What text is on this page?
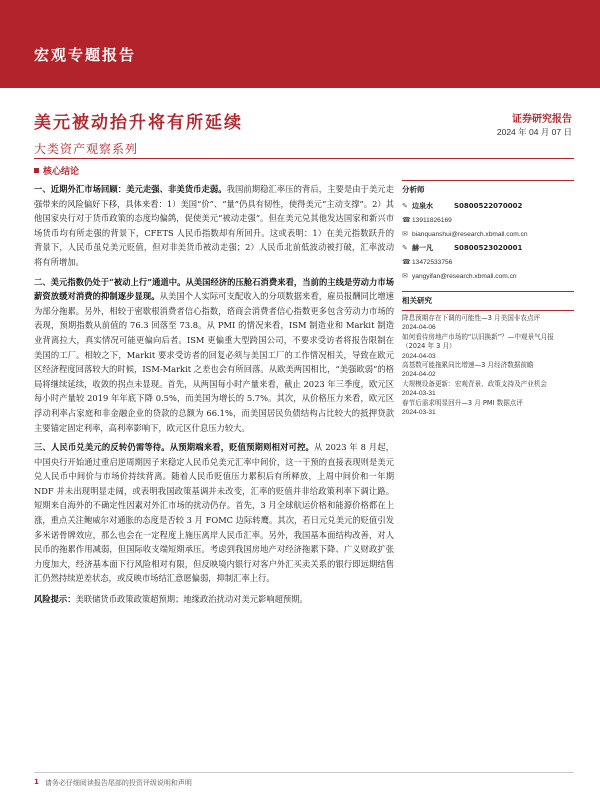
宏观专题报告
美元被动抬升将有所延续
大类资产观察系列
证券研究报告
2024 年 04 月 07 日
核心结论

一、近期外汇市场回顾：美元走强、非美货币走弱。我国前期稳汇率压的背后，主要是由于美元走强带来的风险偏好下移，具体来看：1）美国“价”、“量”仍具有韧性，使得美元“主动支撑”。2）其他国家央行对于货币政策的态度均偏鸽，促使美元“被动走强”。但在美元兑其他发达国家和新兴市场货币均有所走强的背景下，CFETS 人民币指数却有所回升。这或表明：1）在美元指数跃升的背景下，人民币虽兑美元贬值，但对非美货币被动走强；2）人民币北前低波动被打破，汇率波动将有所增加。

二、美元指数仍处于“被动上行”通道中。从美国经济的压舱石消费来看，当前的主线是劳动力市场薪资放缓对消费的抑制逐步显现。从美国个人实际可支配收入的分项数据来看，雇员报酬同比增速为部分拖累。另外，相较于密歇根消费者信心指数，谘商会消费者信心指数更多包含劳动力市场的表现，预期指数从前值的 76.3 回落至 73.8。从 PMI 的情况来看，ISM 制造业和 Markit 制造业背离拉大，真实情况可能更偏向后者。ISM 更偏重大型跨国公司，不要求受访者将报告限制在美国的工厂。相较之下，Markit 要求受访者的回复必须与美国工厂的工作情况相关，导致在欧元区经济程度回落较大的时候，ISM-Markit 之差也会有所回落。从欧美两国相比，“美强欧弱”的格局将继续延续，收敛的拐点未显现。首先，从两国每小时产量来看，截止 2023 年三季度，欧元区每小时产量较 2019 年年底下降 0.5%，而美国为增长的 5.7%。其次，从价格压力来看，欧元区浮动利率占家庭和非金融企业的贷款的总额为 66.1%，而美国居民负债结构占比较大的抵押贷款主要锚定固定利率，高利率影响下，欧元区什息压力较大。

三、人民币兑美元的反转仍需等待。从预期端来看，贬值预期则相对可控。从 2023 年 8 月起，中国央行开始通过重启逆周期因子来稳定人民币兑美元汇率中间价，这一干预的直接表现则是美元兑人民币中间价与市场价持续背离。随着人民币贬值压力累积后有所释放，上周中间价和一年期 NDF 并未出现明显走阔，或表明我国政策基调并未改变，汇率的贬值并非给政策利率下调让路。短期来自海外的不确定性因素对外汇市场的扰动仍存。首先，3 月全球航运价格和能源价格都在上涨，重点关注鲍威尔对通胀的态度是否较 3 月 FOMC 边际转鹰。其次，若日元兑美元的贬值引发多米诺骨牌效应，那么也会在一定程度上施压离岸人民币汇率。另外，我国基本面结构改善，对人民币的拖累作用减弱，但国际收支端短期承压。考虑到我国房地产对经济拖累下降、广义财政扩张力度加大，经济基本面下行风险相对有限，但反映境内银行对客户外汇买卖关系的银行即远期结售汇仍然持续逆差状态，或反映市场结汇意愿偏弱，抑制汇率上行。

风险提示：美联储货币政策政策超预期；地缘政治扰动对美元影响超预期。

分析师
✎ 边泉水	S0800522070002
☎ 13911826169
✉ bianquanshui@research.xbmall.com.cn
✎ 赫一凡	S0800523020001
☎ 13472533756
✉ yangyifan@research.xbmall.com.cn
相关研究
降息预期存在下调的可能性—3 月美国非农点评
2024-04-06
如何看待房地产市场的“以旧换新”？—中观景气月报（2024 年 3 月）
2024-04-03
高基数可能拖累同比增速—3 月经济数据前瞻
2024-04-02
大规模设备更新：宏观背景、政策支持及产业机会
2024-03-31
春节后需求明显回升—3 月 PMI 数据点评
2024-03-31
1 请务必仔细阅读报告尾部的投资评级说明和声明
